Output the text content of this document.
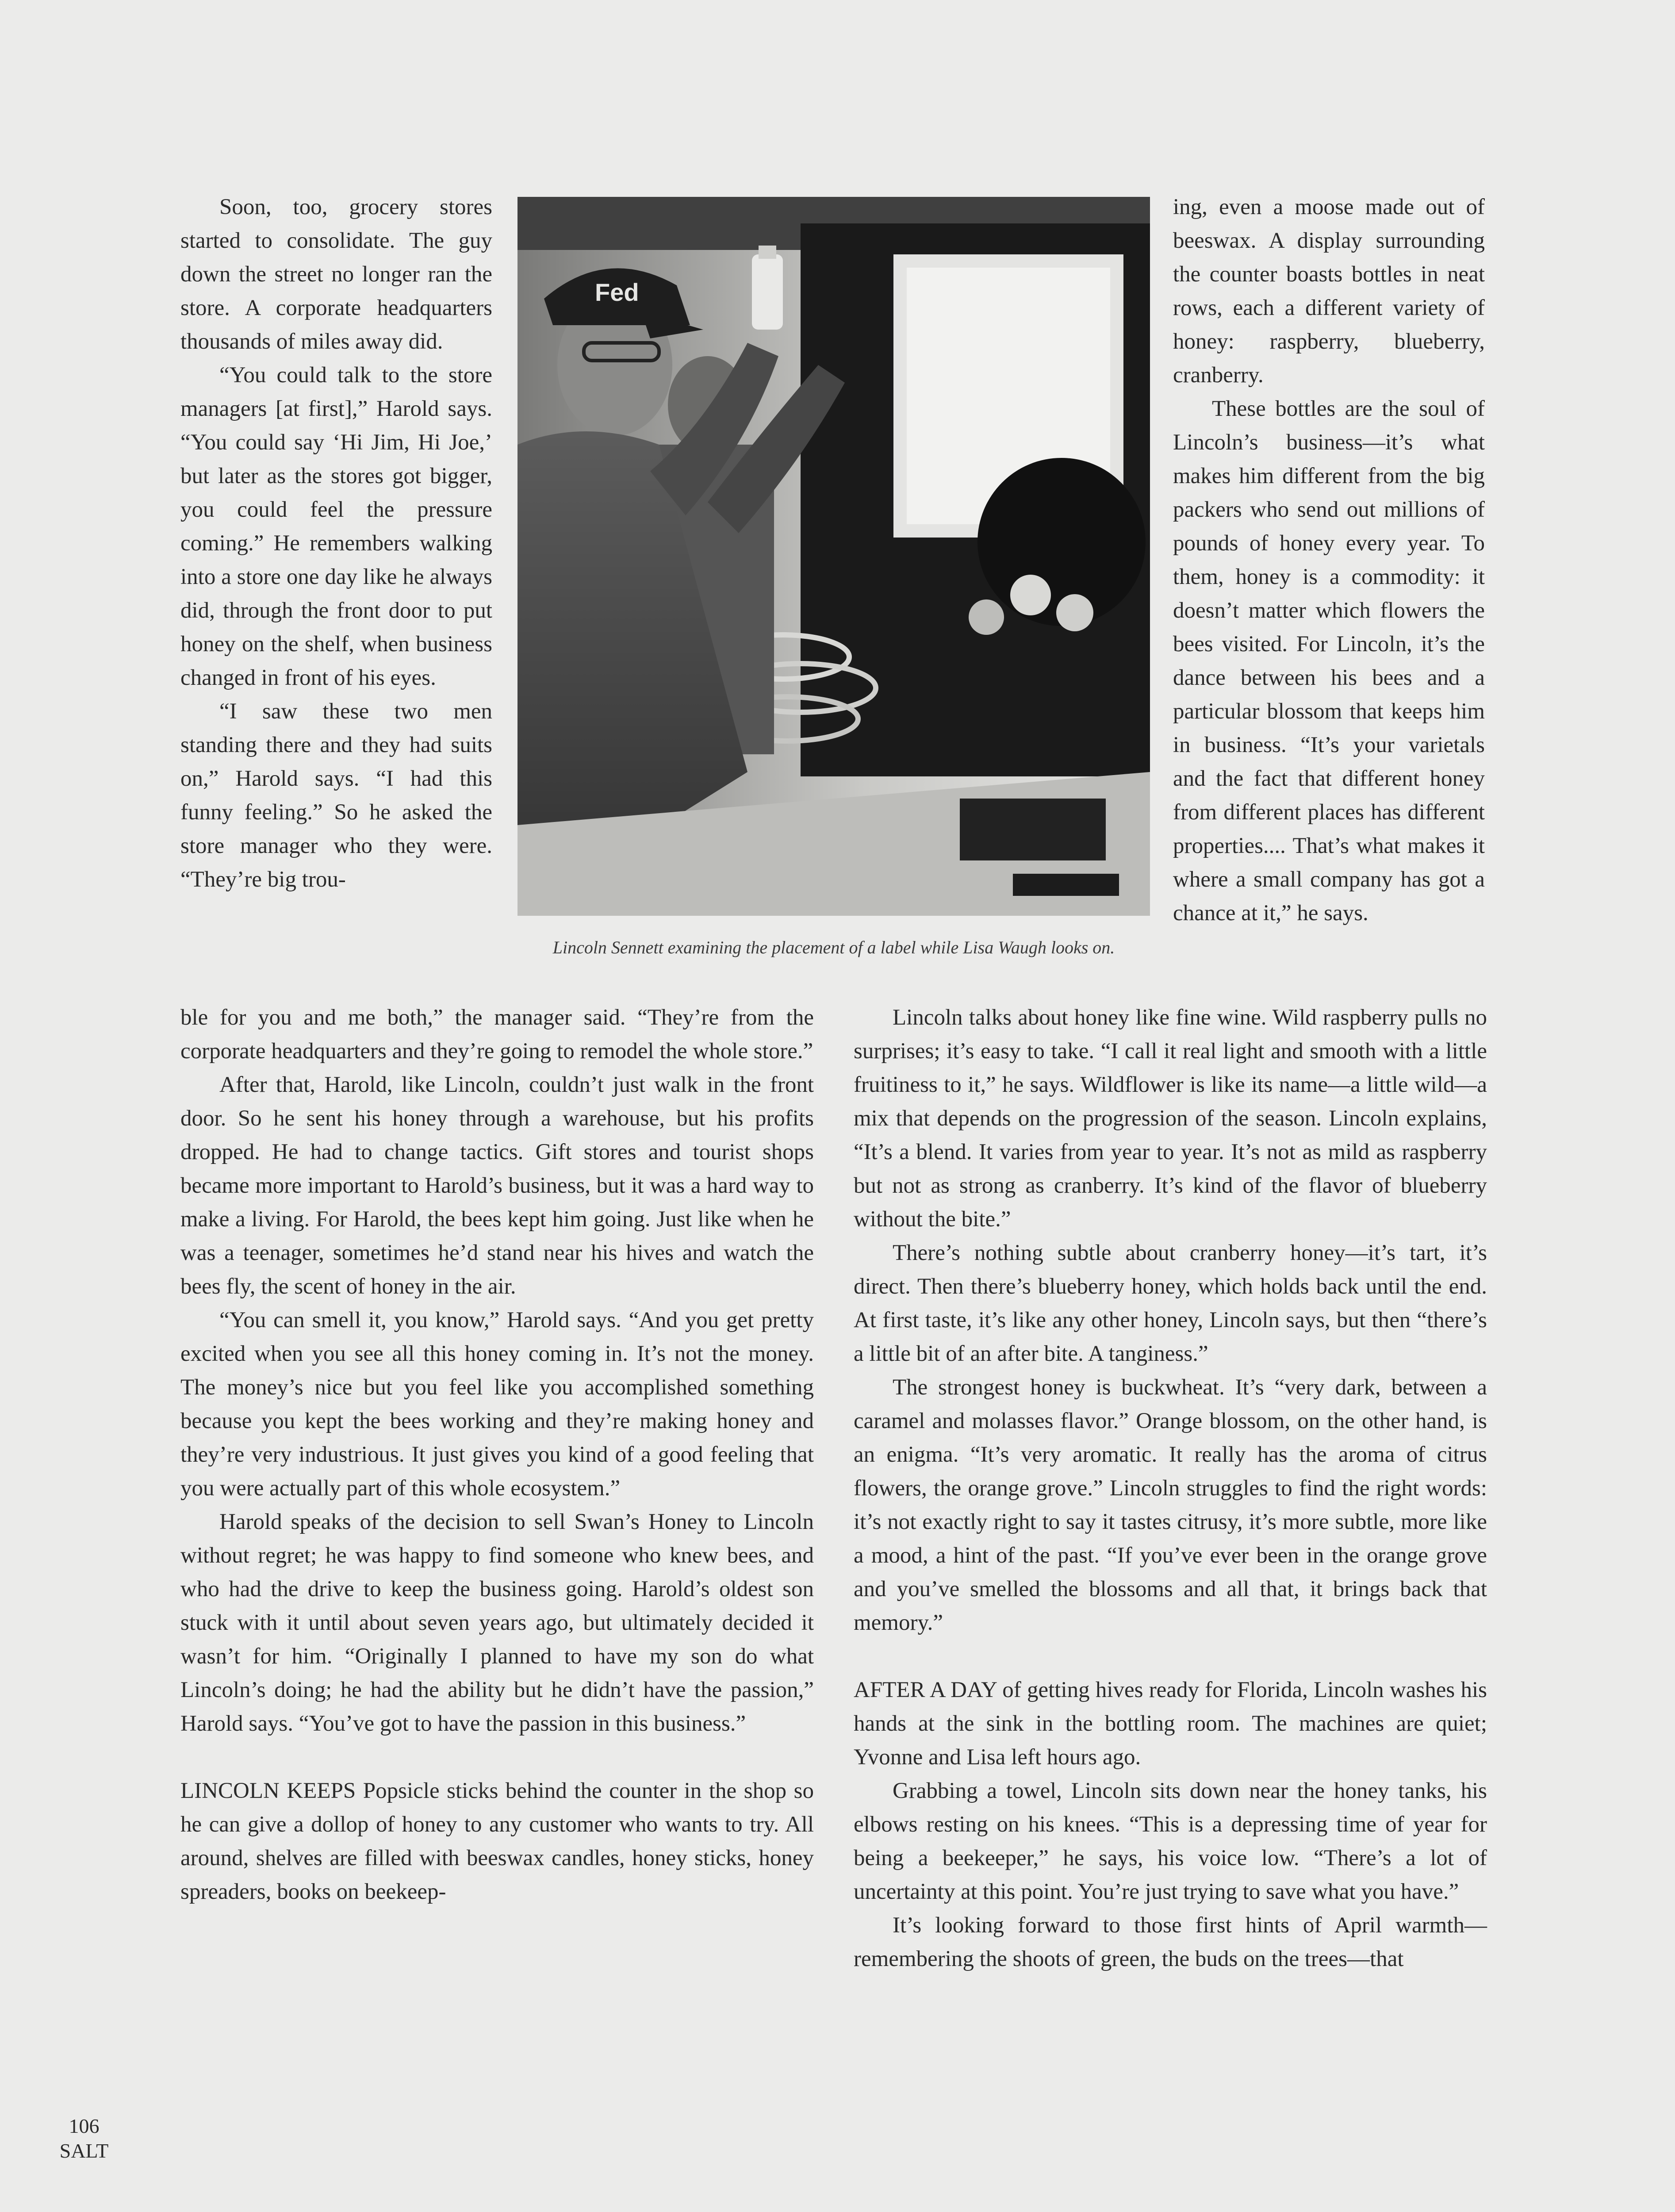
Soon, too, grocery stores started to consolidate. The guy down the street no longer ran the store. A corporate headquarters thousands of miles away did.

“You could talk to the store managers [at first],” Harold says. “You could say ‘Hi Jim, Hi Joe,’ but later as the stores got bigger, you could feel the pressure coming.” He remembers walking into a store one day like he always did, through the front door to put honey on the shelf, when business changed in front of his eyes.

“I saw these two men standing there and they had suits on,” Harold says. “I had this funny feeling.” So he asked the store manager who they were. “They’re big trou-

Fed
Lincoln Sennett examining the placement of a label while Lisa Waugh looks on.

ing, even a moose made out of beeswax. A display surrounding the counter boasts bottles in neat rows, each a different variety of honey: raspberry, blueberry, cranberry.

These bottles are the soul of Lincoln’s business—it’s what makes him different from the big packers who send out millions of pounds of honey every year. To them, honey is a commodity: it doesn’t matter which flowers the bees visited. For Lincoln, it’s the dance between his bees and a particular blossom that keeps him in business. “It’s your varietals and the fact that different honey from different places has different properties.... That’s what makes it where a small company has got a chance at it,” he says.

ble for you and me both,” the manager said. “They’re from the corporate headquarters and they’re going to remodel the whole store.”

After that, Harold, like Lincoln, couldn’t just walk in the front door. So he sent his honey through a warehouse, but his profits dropped. He had to change tactics. Gift stores and tourist shops became more important to Harold’s business, but it was a hard way to make a living. For Harold, the bees kept him going. Just like when he was a teenager, sometimes he’d stand near his hives and watch the bees fly, the scent of honey in the air.

“You can smell it, you know,” Harold says. “And you get pretty excited when you see all this honey coming in. It’s not the money. The money’s nice but you feel like you accomplished something because you kept the bees working and they’re making honey and they’re very industrious. It just gives you kind of a good feeling that you were actually part of this whole ecosystem.”

Harold speaks of the decision to sell Swan’s Honey to Lincoln without regret; he was happy to find someone who knew bees, and who had the drive to keep the business going. Harold’s oldest son stuck with it until about seven years ago, but ultimately decided it wasn’t for him. “Originally I planned to have my son do what Lincoln’s doing; he had the ability but he didn’t have the passion,” Harold says. “You’ve got to have the passion in this business.”

LINCOLN KEEPS Popsicle sticks behind the counter in the shop so he can give a dollop of honey to any customer who wants to try. All around, shelves are filled with beeswax candles, honey sticks, honey spreaders, books on beekeep-

Lincoln talks about honey like fine wine. Wild raspberry pulls no surprises; it’s easy to take. “I call it real light and smooth with a little fruitiness to it,” he says. Wildflower is like its name—a little wild—a mix that depends on the progression of the season. Lincoln explains, “It’s a blend. It varies from year to year. It’s not as mild as raspberry but not as strong as cranberry. It’s kind of the flavor of blueberry without the bite.”

There’s nothing subtle about cranberry honey—it’s tart, it’s direct. Then there’s blueberry honey, which holds back until the end. At first taste, it’s like any other honey, Lincoln says, but then “there’s a little bit of an after bite. A tanginess.”

The strongest honey is buckwheat. It’s “very dark, between a caramel and molasses flavor.” Orange blossom, on the other hand, is an enigma. “It’s very aromatic. It really has the aroma of citrus flowers, the orange grove.” Lincoln struggles to find the right words: it’s not exactly right to say it tastes citrusy, it’s more subtle, more like a mood, a hint of the past. “If you’ve ever been in the orange grove and you’ve smelled the blossoms and all that, it brings back that memory.”

AFTER A DAY of getting hives ready for Florida, Lincoln washes his hands at the sink in the bottling room. The machines are quiet; Yvonne and Lisa left hours ago.

Grabbing a towel, Lincoln sits down near the honey tanks, his elbows resting on his knees. “This is a depressing time of year for being a beekeeper,” he says, his voice low. “There’s a lot of uncertainty at this point. You’re just trying to save what you have.”

It’s looking forward to those first hints of April warmth—remembering the shoots of green, the buds on the trees—that

106
SALT
